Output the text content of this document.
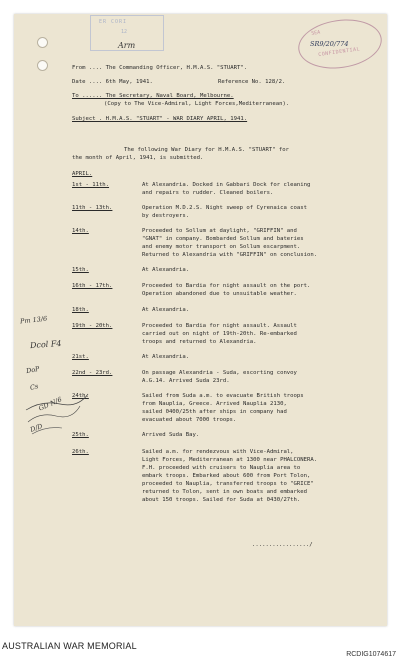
ER CORI
12
Arm
SEA
CONFIDENTIAL
SR9/20/774
From .... The Commanding Officer, H.M.A.S. "STUART".
Date .... 6th May, 1941.	Reference No. 128/2.
To ...... The Secretary, Naval Board, Melbourne.
(Copy to The Vice-Admiral, Light Forces,Mediterranean).
Subject . H.M.A.S. "STUART" - WAR DIARY APRIL, 1941.
The following War Diary for H.M.A.S. "STUART" for
the month of April, 1941, is submitted.
APRIL.
1st - 11th.	At Alexandria. Docked in Gabbari Dock for cleaning
and repairs to rudder. Cleaned boilers.
11th - 13th.	Operation M.D.2.S. Night sweep of Cyrenaica coast
by destroyers.
14th.	Proceeded to Sollum at daylight, "GRIFFIN" and
"GNAT" in company. Bombarded Sollum and bateries
and enemy motor transport on Sollum escarpment.
Returned to Alexandria with "GRIFFIN" on conclusion.
15th.	At Alexandria.
16th - 17th.	Proceeded to Bardia for night assault on the port.
Operation abandoned due to unsuitable weather.
18th.	At Alexandria.
19th - 20th.	Proceeded to Bardia for night assault. Assault
carried out on night of 19th-20th. Re-embarked
troops and returned to Alexandria.
21st.	At Alexandria.
22nd - 23rd.	On passage Alexandria - Suda, escorting convoy
A.G.14. Arrived Suda 23rd.
24th.	Sailed from Suda a.m. to evacuate British troops
from Nauplia, Greece. Arrived Nauplia 2130,
sailed 0400/25th after ships in company had
evacuated about 7000 troops.
25th.	Arrived Suda Bay.
26th.	Sailed a.m. for rendezvous with Vice-Admiral,
Light Forces, Mediterranean at 1300 near PHALCONERA.
F.H. proceeded with cruisers to Nauplia area to
embark troops. Embarked about 600 from Port Tolon,
proceeded to Nauplia, transferred troops to "GRICE"
returned to Tolon, sent in own boats and embarked
about 150 troops. Sailed for Suda at 0430/27th.
................./
Pm 13/6
Dcol F4
DoP
Cs
GD N/6
D/D
AUSTRALIAN WAR MEMORIAL
RCDIG1074617
